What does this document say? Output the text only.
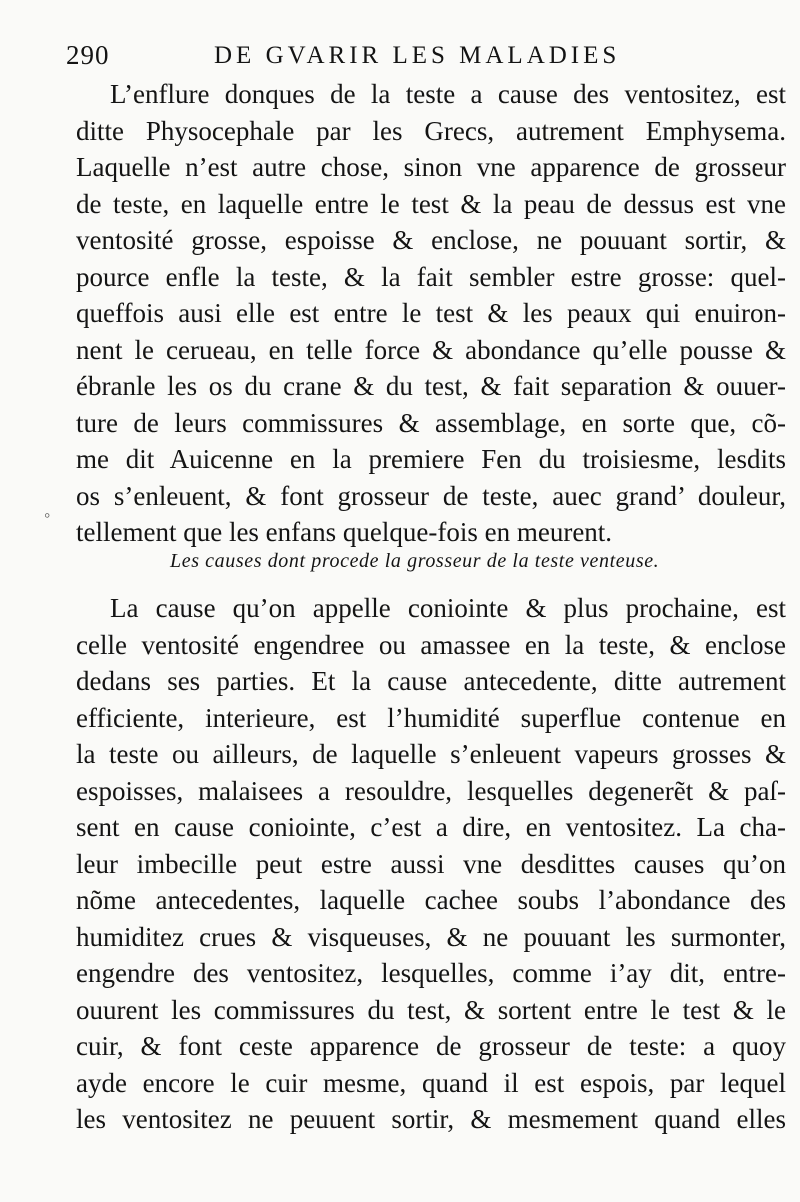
290	DE GVARIR LES MALADIES
L’enflure donques de la teste a cause des ventositez, est
ditte Physocephale par les Grecs, autrement Emphysema.
Laquelle n’est autre chose, sinon vne apparence de grosseur
de teste, en laquelle entre le test & la peau de dessus est vne
ventosité grosse, espoisse & enclose, ne pouuant sortir, &
pource enfle la teste, & la fait sembler estre grosse: quel-
queffois ausi elle est entre le test & les peaux qui enuiron-
nent le cerueau, en telle force & abondance qu’elle pousse &
ébranle les os du crane & du test, & fait separation & ouuer-
ture de leurs commissures & assemblage, en sorte que, cõ-
me dit Auicenne en la premiere Fen du troisiesme, lesdits
os s’enleuent, & font grosseur de teste, auec grand’ douleur,
tellement que les enfans quelque-fois en meurent.
◦
Les causes dont procede la grosseur de la teste venteuse.
La cause qu’on appelle coniointe & plus prochaine, est
celle ventosité engendree ou amassee en la teste, & enclose
dedans ses parties. Et la cause antecedente, ditte autrement
efficiente, interieure, est l’humidité superflue contenue en
la teste ou ailleurs, de laquelle s’enleuent vapeurs grosses &
espoisses, malaisees a resouldre, lesquelles degenerẽt & paſ-
sent en cause coniointe, c’est a dire, en ventositez. La cha-
leur imbecille peut estre aussi vne desdittes causes qu’on
nõme antecedentes, laquelle cachee soubs l’abondance des
humiditez crues & visqueuses, & ne pouuant les surmonter,
engendre des ventositez, lesquelles, comme i’ay dit, entre-
ouurent les commissures du test, & sortent entre le test & le
cuir, & font ceste apparence de grosseur de teste: a quoy
ayde encore le cuir mesme, quand il est espois, par lequel
les ventositez ne peuuent sortir, & mesmement quand elles
